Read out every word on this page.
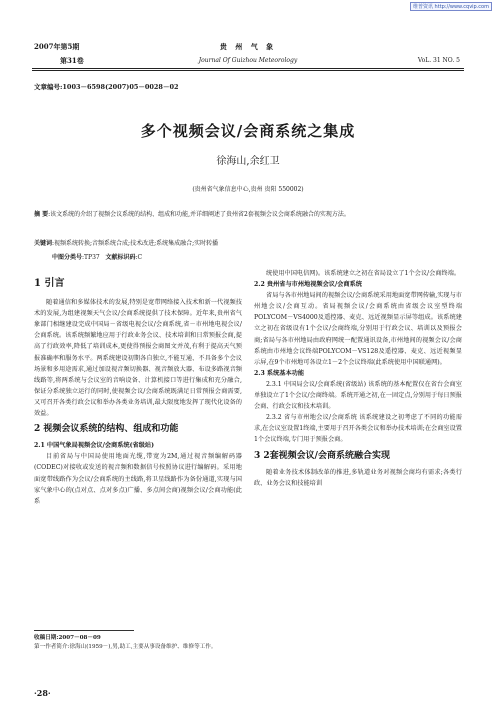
维普资讯 http://www.cqvip.com
2007年第5期	贵 州 气 象
第31卷	Journal Of Guizhou Meteorology	VoL. 31 NO. 5
文章编号:1003－6598(2007)05－0028－02
多个视频会议/会商系统之集成
徐海山,余红卫
(贵州省气象信息中心,贵州 贵阳 550002)
摘 要:该文系统的介绍了视频会议系统的结构、组成和功能,并详细阐述了贵州省2套视频会议会商系统融合的实现方法。
关键词:视频系统转换;音频系统合成;技术改进;系统集成融合;实时转播
中图分类号:TP37 文献标识码:C

1 引言

随着通信和多媒体技术的发展,特别是宽带网络接入技术和新一代视频技术的发展,为组建视频天气会议/会商系统提供了技术保障。近年来,贵州省气象部门相继建设完成中国局－省级电视会议/会商系统,省－市州地电视会议/会商系统。该系统频繁地应用于行政业务会议、技术培训和日常预报会商,提高了行政效率,降低了培训成本,更使得预报会商图文并茂,有利于提高天气预报准确率和服务水平。两系统建设初期各自独立,不能互通、不具备多个会议场景和多用途需求,通过加设视音频切换器、视音频放大器、布设多路视音频线路等,将两系统与会议室的音响设备、计算机接口等进行集成和充分融合,保证分系统独立运行的同时,使视频会议/会商系统既满足日常预报会商需要,又可召开各类行政会议和举办各类业务培训,最大限度地发挥了现代化设备的效益。

2 视频会议系统的结构、组成和功能

2.1 中国气象局视频会议/会商系统(省级站)

目前省局与中国局使用地面光缆,带宽为2M,通过视音频编解码器(CODEC)对接收或发送的视音频和数据信号按照协议进行编解码。采用地面宽带线路作为会议/会商系统的主线路,将卫星线路作为备份通道,实现与国家气象中心的(点对点、点对多点)广播、多点间会商)视频会议/会商功能(此系

统使用中国电信网)。该系统建立之初在省局设立了1个会议/会商终端。

2.2 贵州省与市州地视频会议/会商系统

省局与各市州地局间的视频会议/会商系统采用地面宽带网传输,实现与市州地会议/会商互动。省局视频会议/会商系统由省级会议室型终端POLYCOM－VS4000及遥控器、麦克、远近视频显示屏等组成。该系统建立之初在省级设有1个会议/会商终端,分别用于行政会议、培训以及预报会商;省局与各市州地局由政府网统一配置通讯设备,市州地间的视频会议/会商系统由市州地会议终端POLYCOM－VS128及遥控器、麦克、远近视频显示屏,在9个市州地可各设立1－2个会议终端(此系统使用中国联通网)。

2.3 系统基本功能

2.3.1 中国局会议/会商系统(省级站) 该系统的基本配置仅在省台会商室单独设立了1个会议/会商终端。系统开通之初,在一固定点,分别用于每日预报会商、行政会议和技术培训。

2.3.2 省与市州地会议/会商系统 该系统建设之初考虑了不同的功能需求,在会议室设置1终端,主要用于召开各类会议和举办技术培训;在会商室设置1个会议终端,专门用于预报会商。

3 2套视频会议/会商系统融合实现

随着业务技术体制改革的推进,多轨道业务对视频会商均有需求;各类行政、业务会议和技能培训

收稿日期:2007－08－09
第一作者简介:徐海山(1959－),男,助工,主要从事设备维护、维修等工作。
·28·
